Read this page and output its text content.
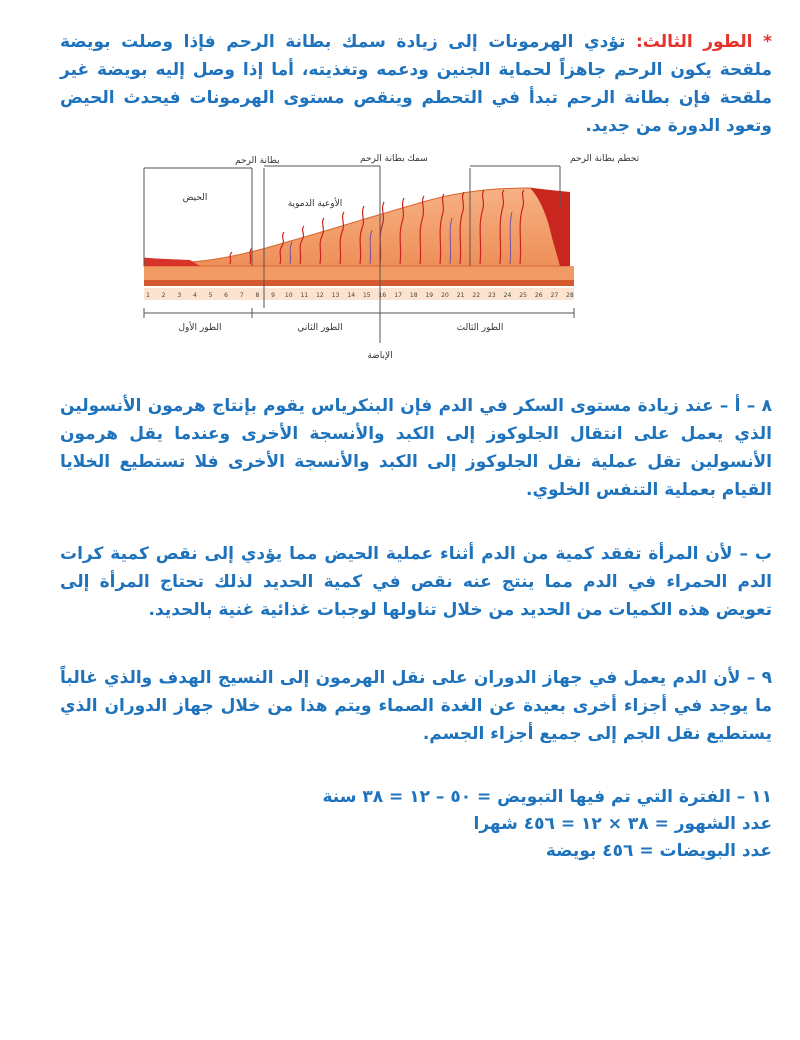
* الطور الثالث: تؤدي الهرمونات إلى زيادة سمك بطانة الرحم فإذا وصلت بويضة ملقحة يكون الرحم جاهزاً لحماية الجنين ودعمه وتغذيته، أما إذا وصل إليه بويضة غير ملقحة فإن بطانة الرحم تبدأ في التحطم وينقص مستوى الهرمونات فيحدث الحيض وتعود الدورة من جديد.

1 2 3 4 5 6 7 8 9 10 11 12 13 14 15 16 17 18 19 20 21 22 23 24 25 26 27 28
بطانة الرحم
الحيض
سمك بطانة الرحم
الأوعية الدموية
تحطم بطانة الرحم
الطور الأول	الطور الثاني	الطور الثالث
الإباضة

٨ – أ – عند زيادة مستوى السكر في الدم فإن البنكرياس يقوم بإنتاج هرمون الأنسولين الذي يعمل على انتقال الجلوكوز إلى الكبد والأنسجة الأخرى وعندما يقل هرمون الأنسولين تقل عملية نقل الجلوكوز إلى الكبد والأنسجة الأخرى فلا تستطيع الخلايا القيام بعملية التنفس الخلوي.

ب – لأن المرأة تفقد كمية من الدم أثناء عملية الحيض مما يؤدي إلى نقص كمية كرات الدم الحمراء في الدم مما ينتج عنه نقص في كمية الحديد لذلك تحتاج المرأة إلى تعويض هذه الكميات من الحديد من خلال تناولها لوجبات غذائية غنية بالحديد.

٩ – لأن الدم يعمل في جهاز الدوران على نقل الهرمون إلى النسيج الهدف والذي غالباً ما يوجد في أجزاء أخرى بعيدة عن الغدة الصماء ويتم هذا من خلال جهاز الدوران الذي يستطيع نقل الجم إلى جميع أجزاء الجسم.

١١ – الفترة التي تم فيها التبويض = ٥٠ – ١٢ = ٣٨ سنة

عدد الشهور = ٣٨ × ١٢ = ٤٥٦ شهرا

عدد البويضات = ٤٥٦ بويضة
